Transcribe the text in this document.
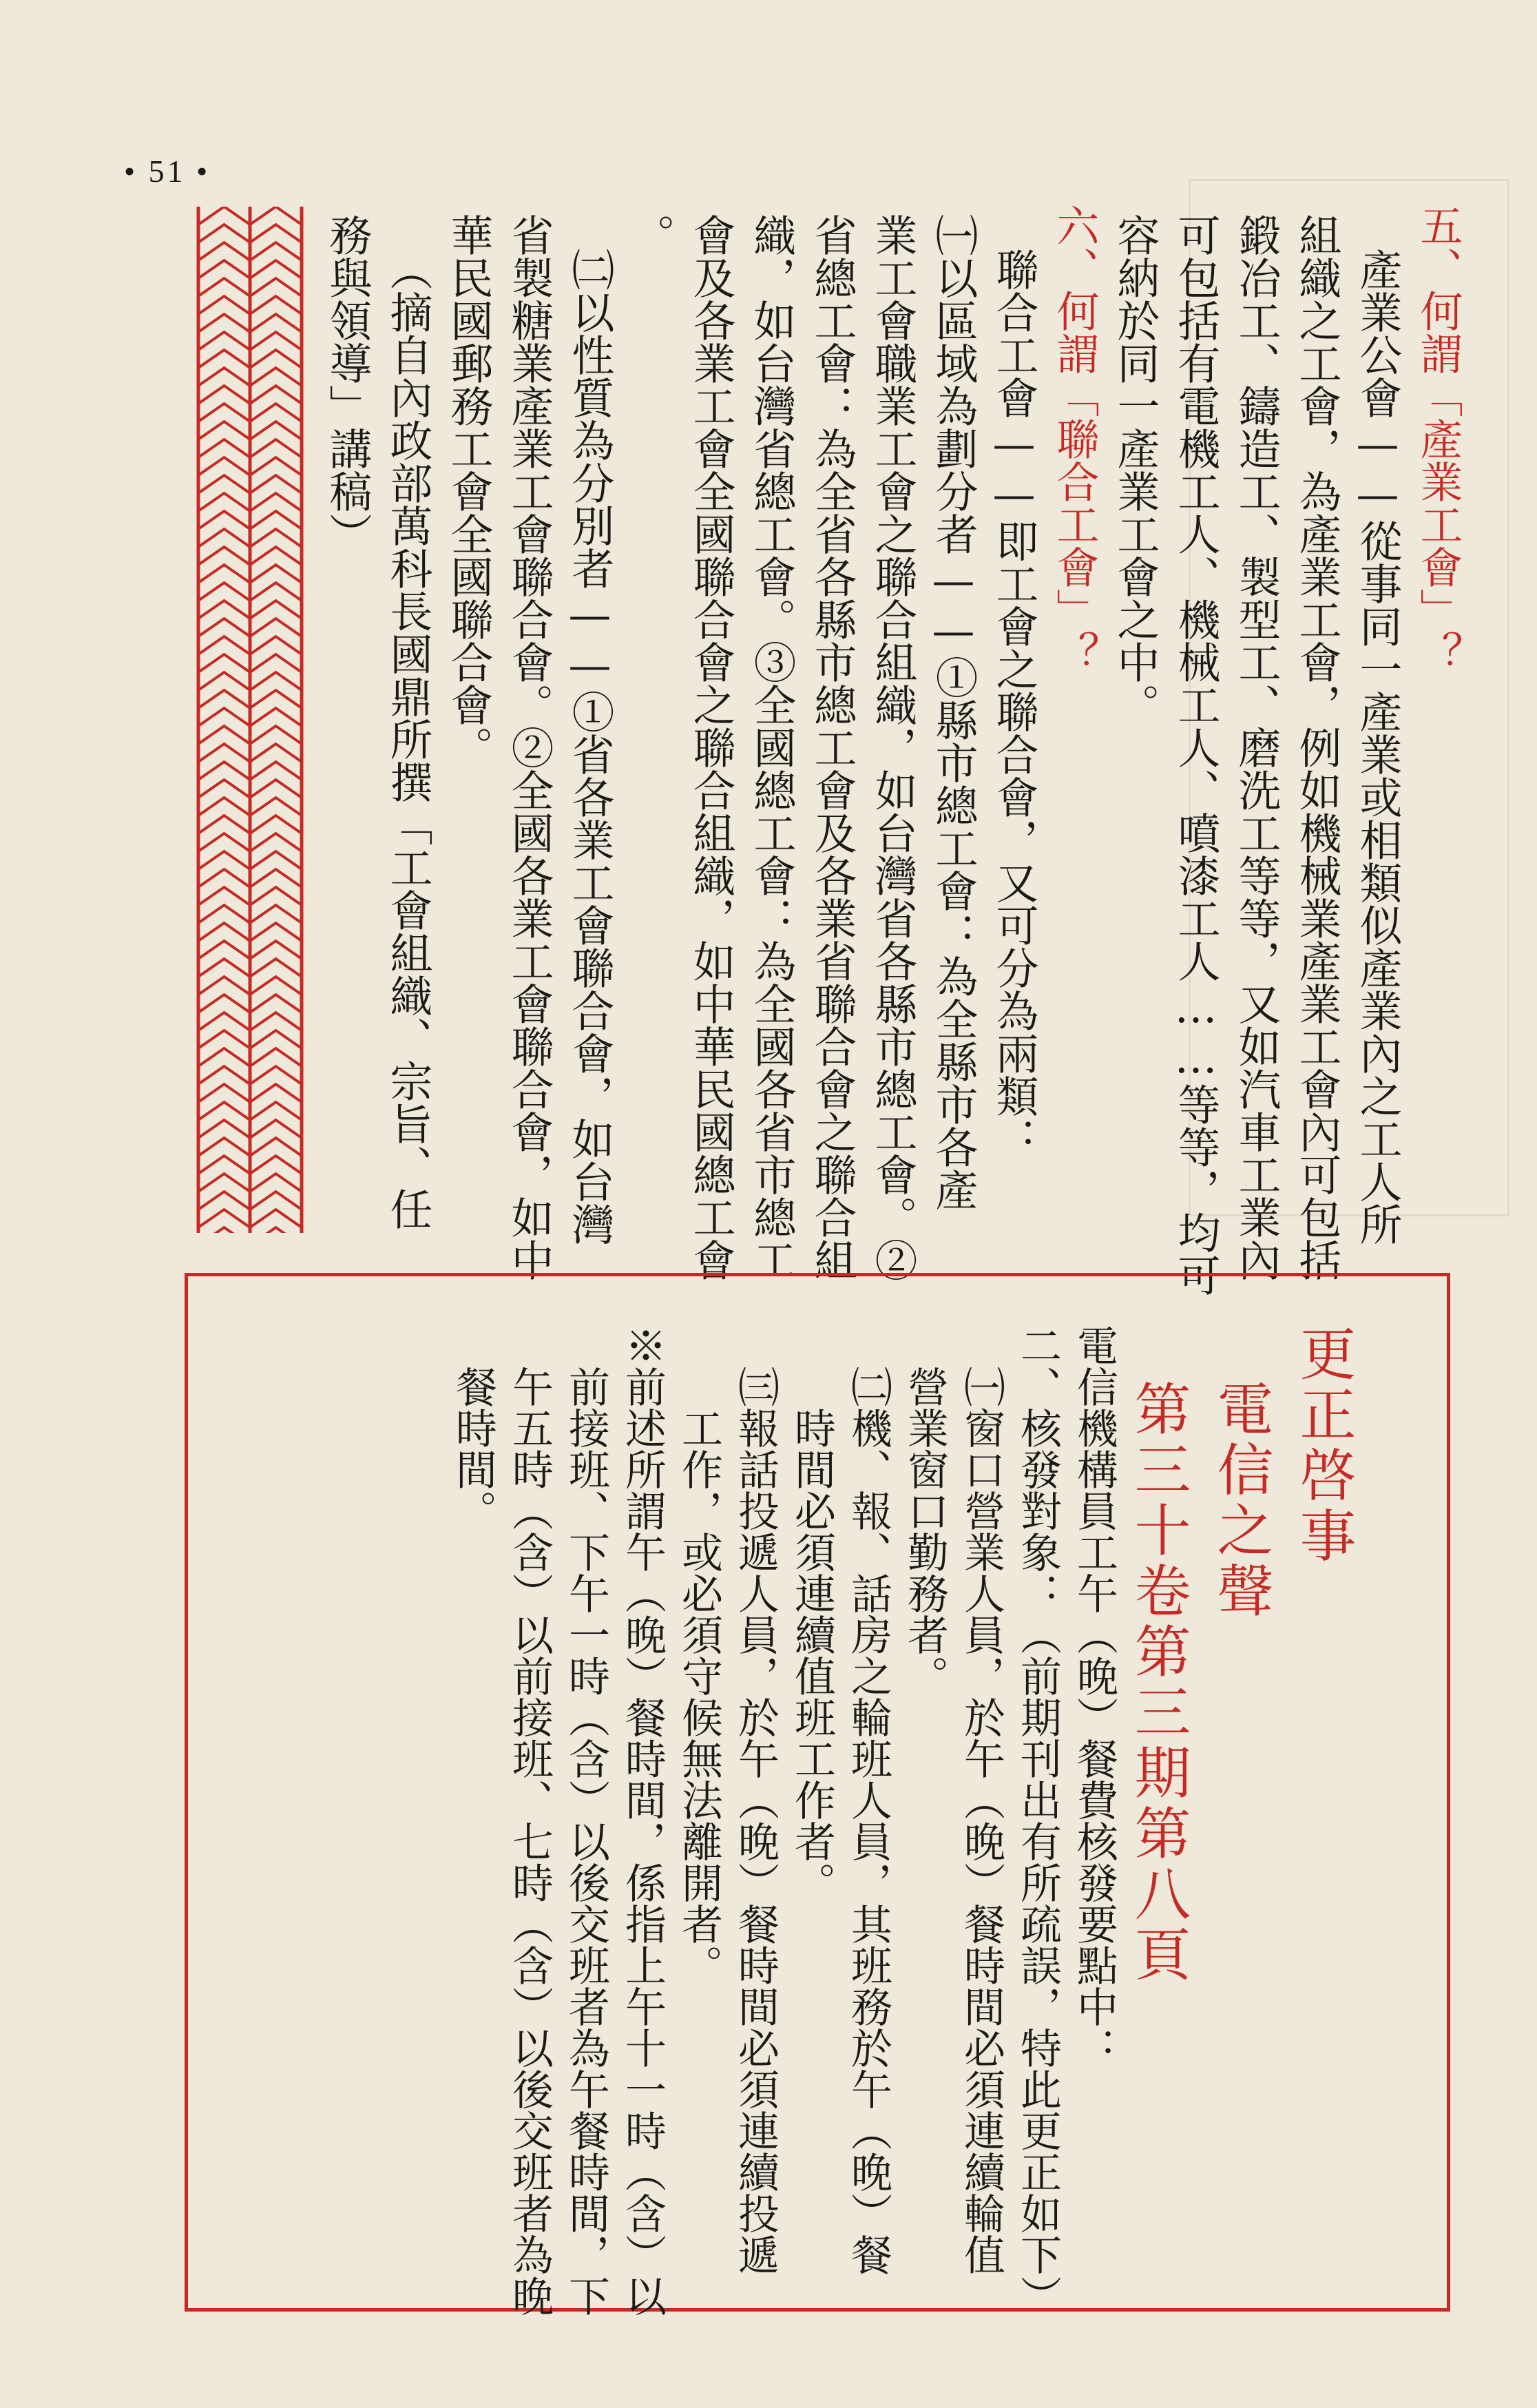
• 51 •
五、何謂「產業工會」？
產業公會——從事同一產業或相類似產業內之工人所
組織之工會，為產業工會，例如機械業產業工會內可包括
鍛冶工、鑄造工、製型工、磨洗工等等，又如汽車工業內
可包括有電機工人、機械工人、噴漆工人……等等，均可
容納於同一產業工會之中。
六、何謂「聯合工會」？
聯合工會——即工會之聯合會，又可分為兩類：
㈠以區域為劃分者——①縣市總工會：為全縣市各產
業工會職業工會之聯合組織，如台灣省各縣市總工會。②
省總工會：為全省各縣市總工會及各業省聯合會之聯合組
織，如台灣省總工會。③全國總工會：為全國各省市總工
會及各業工會全國聯合會之聯合組織，如中華民國總工會
。
㈡以性質為分別者——①省各業工會聯合會，如台灣
省製糖業產業工會聯合會。②全國各業工會聯合會，如中
華民國郵務工會全國聯合會。
（摘自內政部萬科長國鼎所撰「工會組織、宗旨、任
務與領導」講稿）
更正啓事
電信之聲
第三十卷第三期第八頁
電信機構員工午（晚）餐費核發要點中：
二、核發對象：（前期刊出有所疏誤，特此更正如下）
㈠窗口營業人員，於午（晚）餐時間必須連續輪值
營業窗口勤務者。
㈡機、報、話房之輪班人員，其班務於午（晚）餐
時間必須連續值班工作者。
㈢報話投遞人員，於午（晚）餐時間必須連續投遞
工作，或必須守候無法離開者。
※前述所謂午（晚）餐時間，係指上午十一時（含）以
前接班、下午一時（含）以後交班者為午餐時間，下
午五時（含）以前接班、七時（含）以後交班者為晚
餐時間。
